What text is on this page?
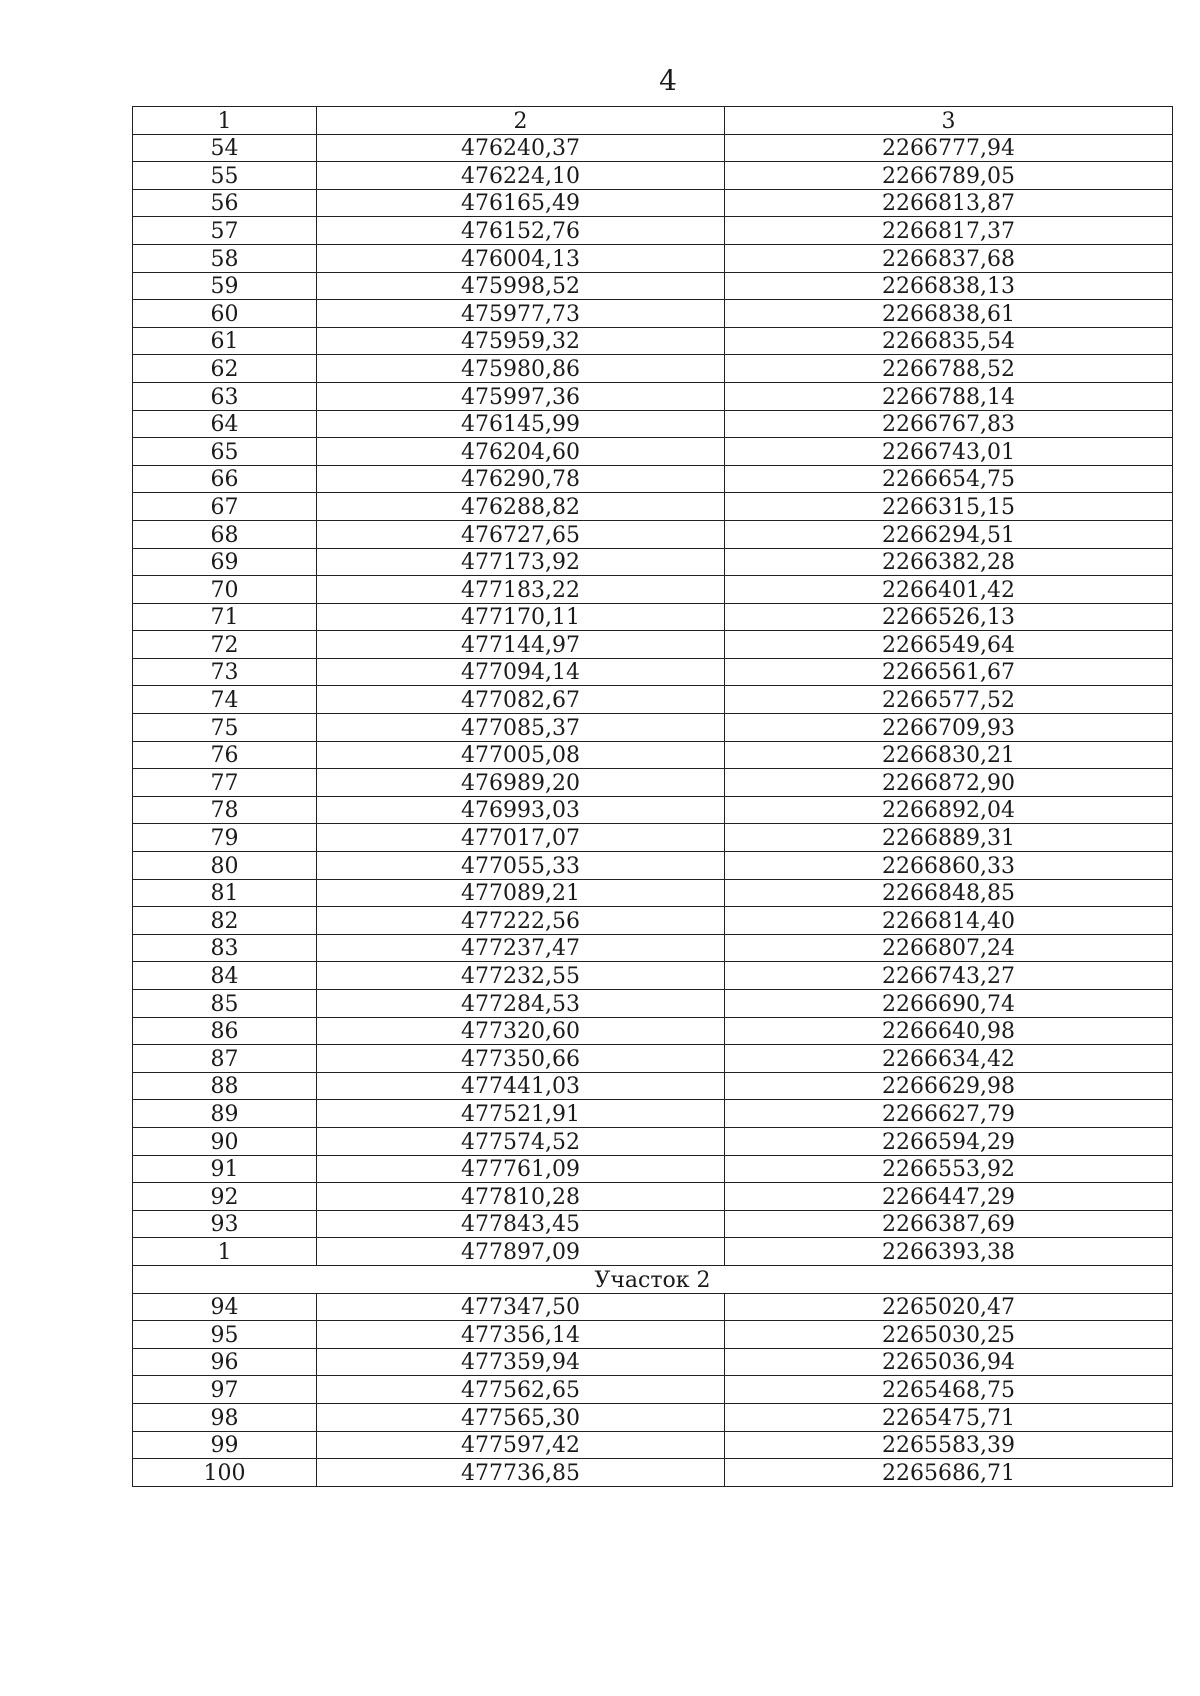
4
1	2	3
54	476240,37	2266777,94
55	476224,10	2266789,05
56	476165,49	2266813,87
57	476152,76	2266817,37
58	476004,13	2266837,68
59	475998,52	2266838,13
60	475977,73	2266838,61
61	475959,32	2266835,54
62	475980,86	2266788,52
63	475997,36	2266788,14
64	476145,99	2266767,83
65	476204,60	2266743,01
66	476290,78	2266654,75
67	476288,82	2266315,15
68	476727,65	2266294,51
69	477173,92	2266382,28
70	477183,22	2266401,42
71	477170,11	2266526,13
72	477144,97	2266549,64
73	477094,14	2266561,67
74	477082,67	2266577,52
75	477085,37	2266709,93
76	477005,08	2266830,21
77	476989,20	2266872,90
78	476993,03	2266892,04
79	477017,07	2266889,31
80	477055,33	2266860,33
81	477089,21	2266848,85
82	477222,56	2266814,40
83	477237,47	2266807,24
84	477232,55	2266743,27
85	477284,53	2266690,74
86	477320,60	2266640,98
87	477350,66	2266634,42
88	477441,03	2266629,98
89	477521,91	2266627,79
90	477574,52	2266594,29
91	477761,09	2266553,92
92	477810,28	2266447,29
93	477843,45	2266387,69
1	477897,09	2266393,38
Участок 2		
94	477347,50	2265020,47
95	477356,14	2265030,25
96	477359,94	2265036,94
97	477562,65	2265468,75
98	477565,30	2265475,71
99	477597,42	2265583,39
100	477736,85	2265686,71
